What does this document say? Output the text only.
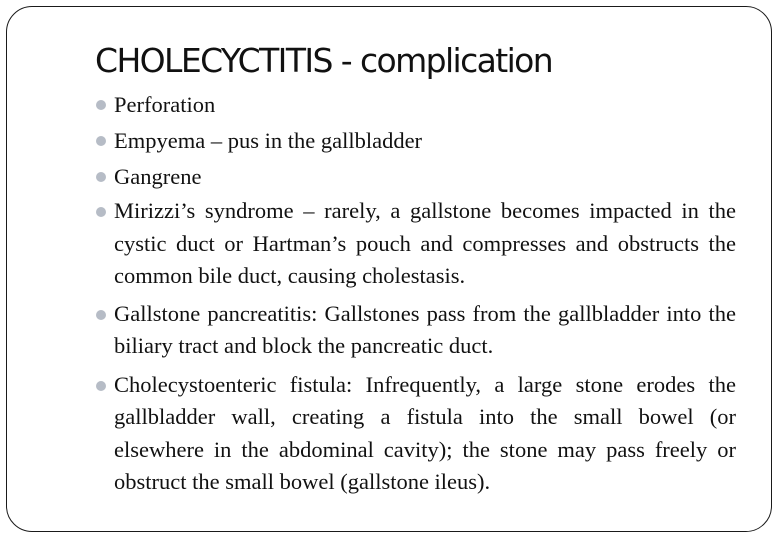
CHOLECYCTITIS - complication
Perforation
Empyema – pus in the gallbladder
Gangrene
Mirizzi’s syndrome – rarely, a gallstone becomes impacted in the cystic duct or Hartman’s pouch and compresses and obstructs the common bile duct, causing cholestasis.
Gallstone pancreatitis: Gallstones pass from the gallbladder into the biliary tract and block the pancreatic duct.
Cholecystoenteric fistula: Infrequently, a large stone erodes the gallbladder wall, creating a fistula into the small bowel (or elsewhere in the abdominal cavity); the stone may pass freely or obstruct the small bowel (gallstone ileus).
